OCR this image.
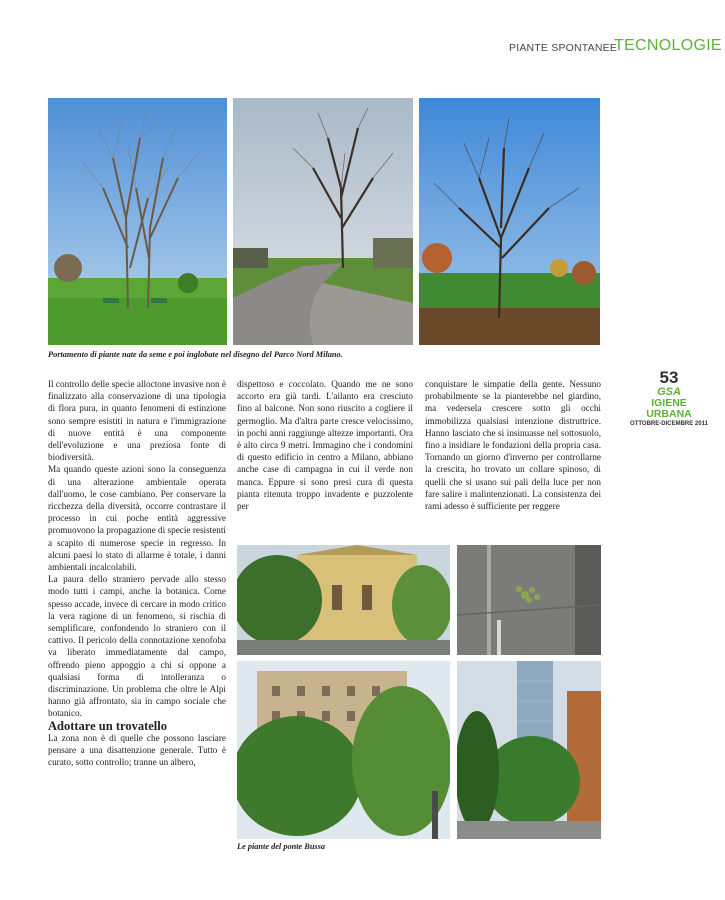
PIANTE SPONTANEE
TECNOLOGIE
Portamento di piante nate da seme e poi inglobate nel disegno del Parco Nord Milano.

Il controllo delle specie alloctone invasive non è finalizzato alla conservazione di una tipologia di flora pura, in quanto fenomeni di estinzione sono sempre esistiti in natura e l'immigrazione di nuove entità è una componente dell'evoluzione e una preziosa fonte di biodiversità.

Ma quando queste azioni sono la conseguenza di una alterazione ambientale operata dall'uomo, le cose cambiano. Per conservare la ricchezza della diversità, occorre contrastare il processo in cui poche entità aggressive promuovono la propagazione di specie resistenti a scapito di numerose specie in regresso. In alcuni paesi lo stato di allarme è totale, i danni ambientali incalcolabili.

La paura dello straniero pervade allo stesso modo tutti i campi, anche la botanica. Come spesso accade, invece di cercare in modo critico la vera ragione di un fenomeno, si rischia di semplificare, confondendo lo straniero con il cattivo. Il pericolo della connotazione xenofoba va liberato immediatamente dal campo, offrendo pieno appoggio a chi si oppone a qualsiasi forma di intolleranza o discriminazione. Un problema che oltre le Alpi hanno già affrontato, sia in campo sociale che botanico.

Adottare un trovatello

La zona non è di quelle che possono lasciare pensare a una disattenzione generale. Tutto è curato, sotto controllo; tranne un albero,

dispettoso e coccolato. Quando me ne sono accorto era già tardi. L'ailanto era cresciuto fino al balcone. Non sono riuscito a cogliere il germoglio. Ma d'altra parte cresce velocissimo, in pochi anni raggiunge altezze importanti. Ora è alto circa 9 metri. Immagino che i condomini di questo edificio in centro a Milano, abbiano anche case di campagna in cui il verde non manca. Eppure si sono presi cura di questa pianta ritenuta troppo invadente e puzzolente per

conquistare le simpatie della gente. Nessuno probabilmente se la pianterebbe nel giardino, ma vedersela crescere sotto gli occhi immobilizza qualsiasi intenzione distruttrice. Hanno lasciato che si insinuasse nel sottosuolo, fino a insidiare le fondazioni della propria casa. Tornando un giorno d'inverno per controllarne la crescita, ho trovato un collare spinoso, di quelli che si usano sui pali della luce per non fare salire i malintenzionati. La consistenza dei rami adesso è sufficiente per reggere

53
GSA
IGIENE URBANA
OTTOBRE-DICEMBRE 2011
Le piante del ponte Bussa
